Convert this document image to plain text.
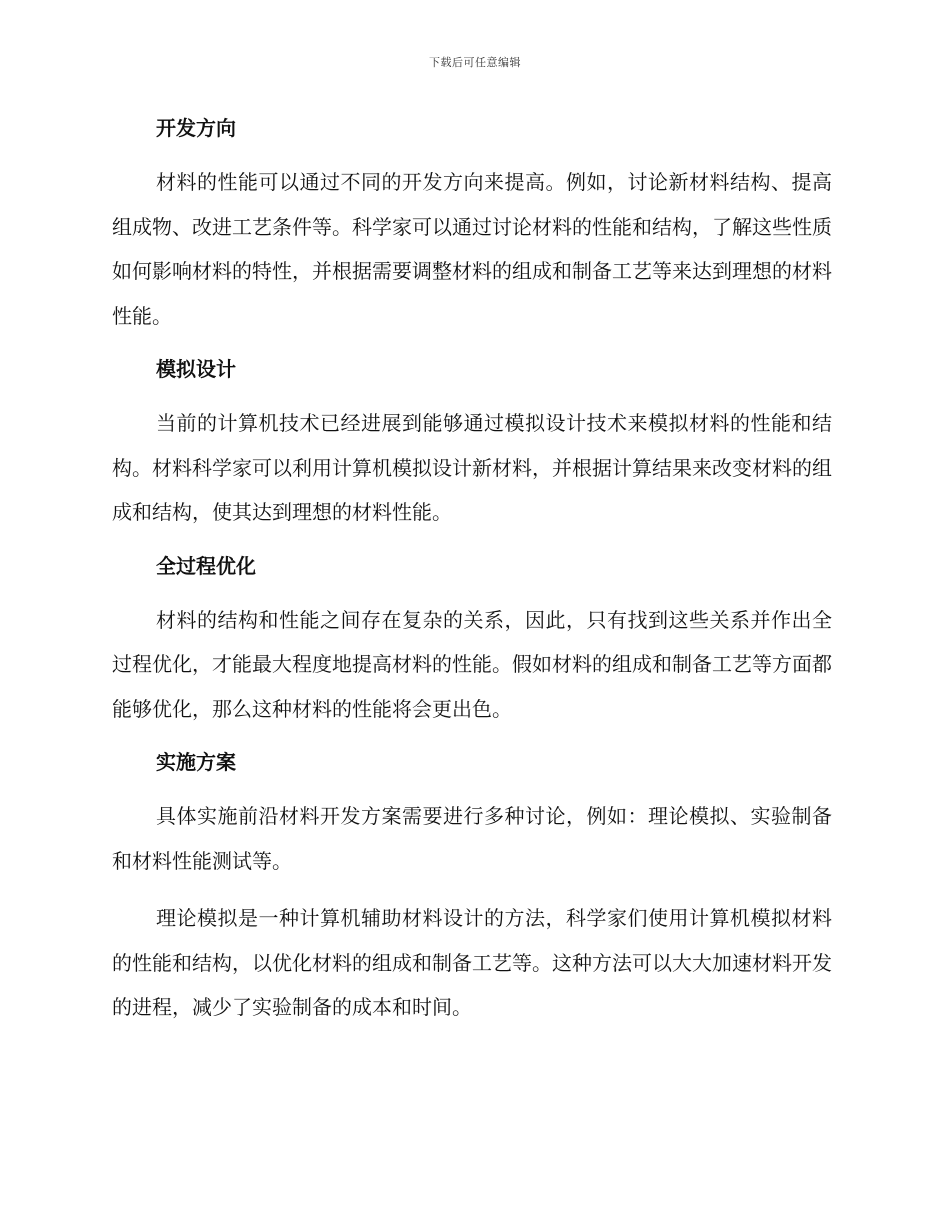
下载后可任意编辑
开发方向

材料的性能可以通过不同的开发方向来提高。例如，讨论新材料结构、提高组成物、改进工艺条件等。科学家可以通过讨论材料的性能和结构，了解这些性质如何影响材料的特性，并根据需要调整材料的组成和制备工艺等来达到理想的材料性能。

模拟设计

当前的计算机技术已经进展到能够通过模拟设计技术来模拟材料的性能和结构。材料科学家可以利用计算机模拟设计新材料，并根据计算结果来改变材料的组成和结构，使其达到理想的材料性能。

全过程优化

材料的结构和性能之间存在复杂的关系，因此，只有找到这些关系并作出全过程优化，才能最大程度地提高材料的性能。假如材料的组成和制备工艺等方面都能够优化，那么这种材料的性能将会更出色。

实施方案

具体实施前沿材料开发方案需要进行多种讨论，例如：理论模拟、实验制备和材料性能测试等。

理论模拟是一种计算机辅助材料设计的方法，科学家们使用计算机模拟材料的性能和结构，以优化材料的组成和制备工艺等。这种方法可以大大加速材料开发的进程，减少了实验制备的成本和时间。
